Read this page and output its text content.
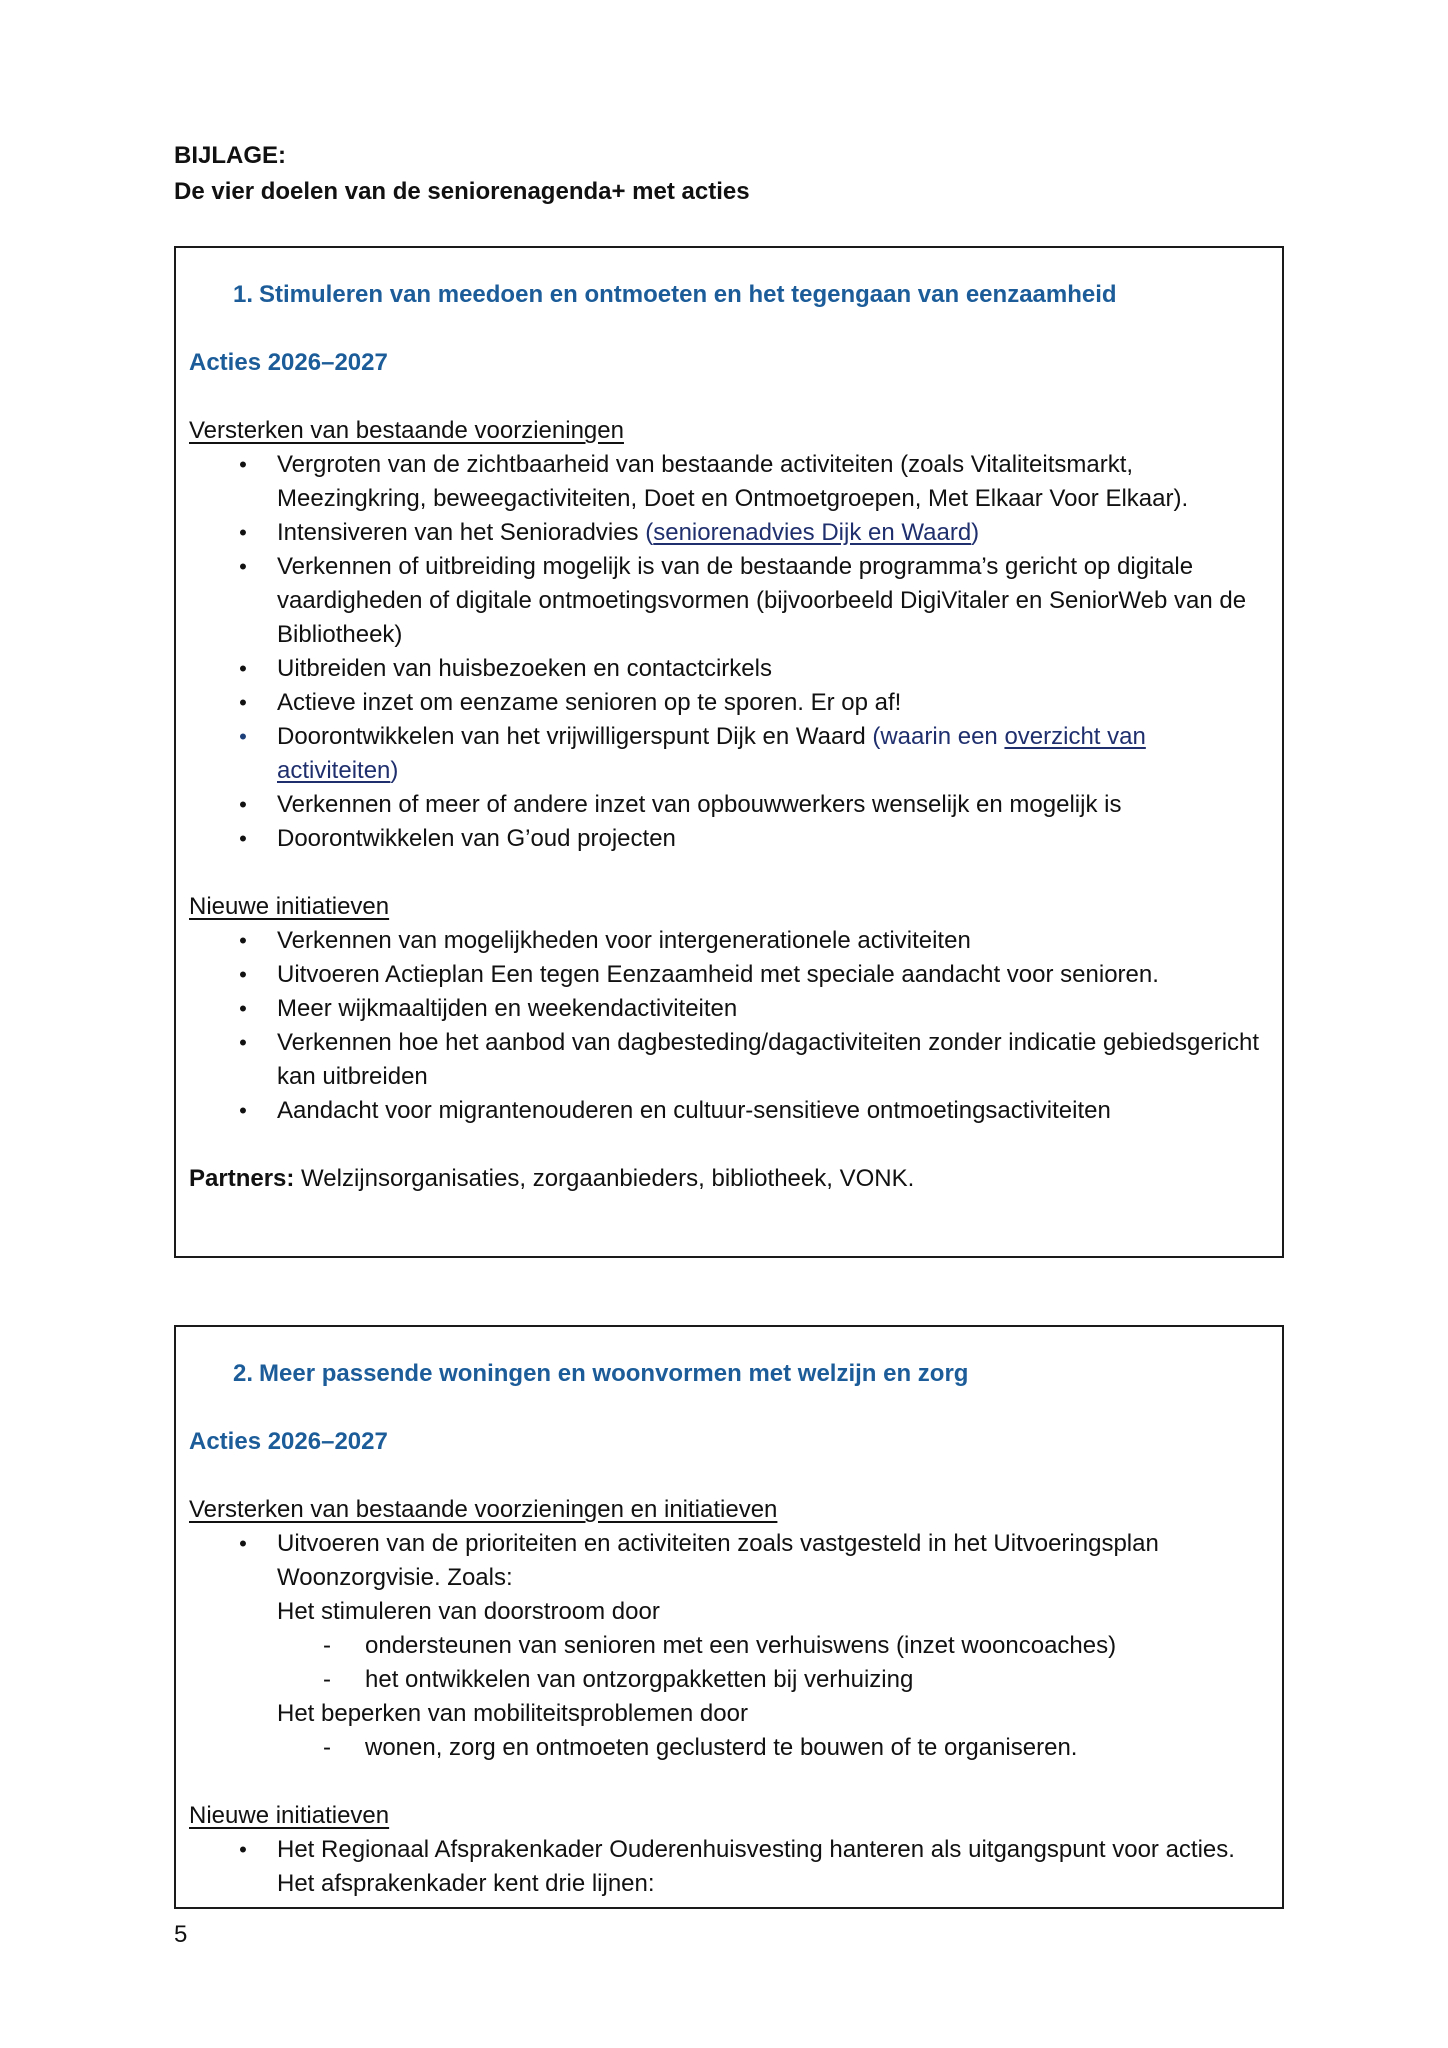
BIJLAGE:
De vier doelen van de seniorenagenda+ met acties
1. Stimuleren van meedoen en ontmoeten en het tegengaan van eenzaamheid
Acties 2026–2027
Versterken van bestaande voorzieningen
• Vergroten van de zichtbaarheid van bestaande activiteiten (zoals Vitaliteitsmarkt, Meezingkring, beweegactiviteiten, Doet en Ontmoetgroepen, Met Elkaar Voor Elkaar).
• Intensiveren van het Senioradvies (seniorenadvies Dijk en Waard)
• Verkennen of uitbreiding mogelijk is van de bestaande programma’s gericht op digitale vaardigheden of digitale ontmoetingsvormen (bijvoorbeeld DigiVitaler en SeniorWeb van de Bibliotheek)
• Uitbreiden van huisbezoeken en contactcirkels
• Actieve inzet om eenzame senioren op te sporen. Er op af!
• Doorontwikkelen van het vrijwilligerspunt Dijk en Waard (waarin een overzicht van activiteiten)
• Verkennen of meer of andere inzet van opbouwwerkers wenselijk en mogelijk is
• Doorontwikkelen van G’oud projecten
Nieuwe initiatieven
• Verkennen van mogelijkheden voor intergenerationele activiteiten
• Uitvoeren Actieplan Een tegen Eenzaamheid met speciale aandacht voor senioren.
• Meer wijkmaaltijden en weekendactiviteiten
• Verkennen hoe het aanbod van dagbesteding/dagactiviteiten zonder indicatie gebiedsgericht kan uitbreiden
• Aandacht voor migrantenouderen en cultuur-sensitieve ontmoetingsactiviteiten
Partners: Welzijnsorganisaties, zorgaanbieders, bibliotheek, VONK.
2. Meer passende woningen en woonvormen met welzijn en zorg
Acties 2026–2027
Versterken van bestaande voorzieningen en initiatieven
• Uitvoeren van de prioriteiten en activiteiten zoals vastgesteld in het Uitvoeringsplan Woonzorgvisie. Zoals:
Het stimuleren van doorstroom door
- ondersteunen van senioren met een verhuiswens (inzet wooncoaches)
- het ontwikkelen van ontzorgpakketten bij verhuizing
Het beperken van mobiliteitsproblemen door
- wonen, zorg en ontmoeten geclusterd te bouwen of te organiseren.
Nieuwe initiatieven
• Het Regionaal Afsprakenkader Ouderenhuisvesting hanteren als uitgangspunt voor acties. Het afsprakenkader kent drie lijnen:
5
